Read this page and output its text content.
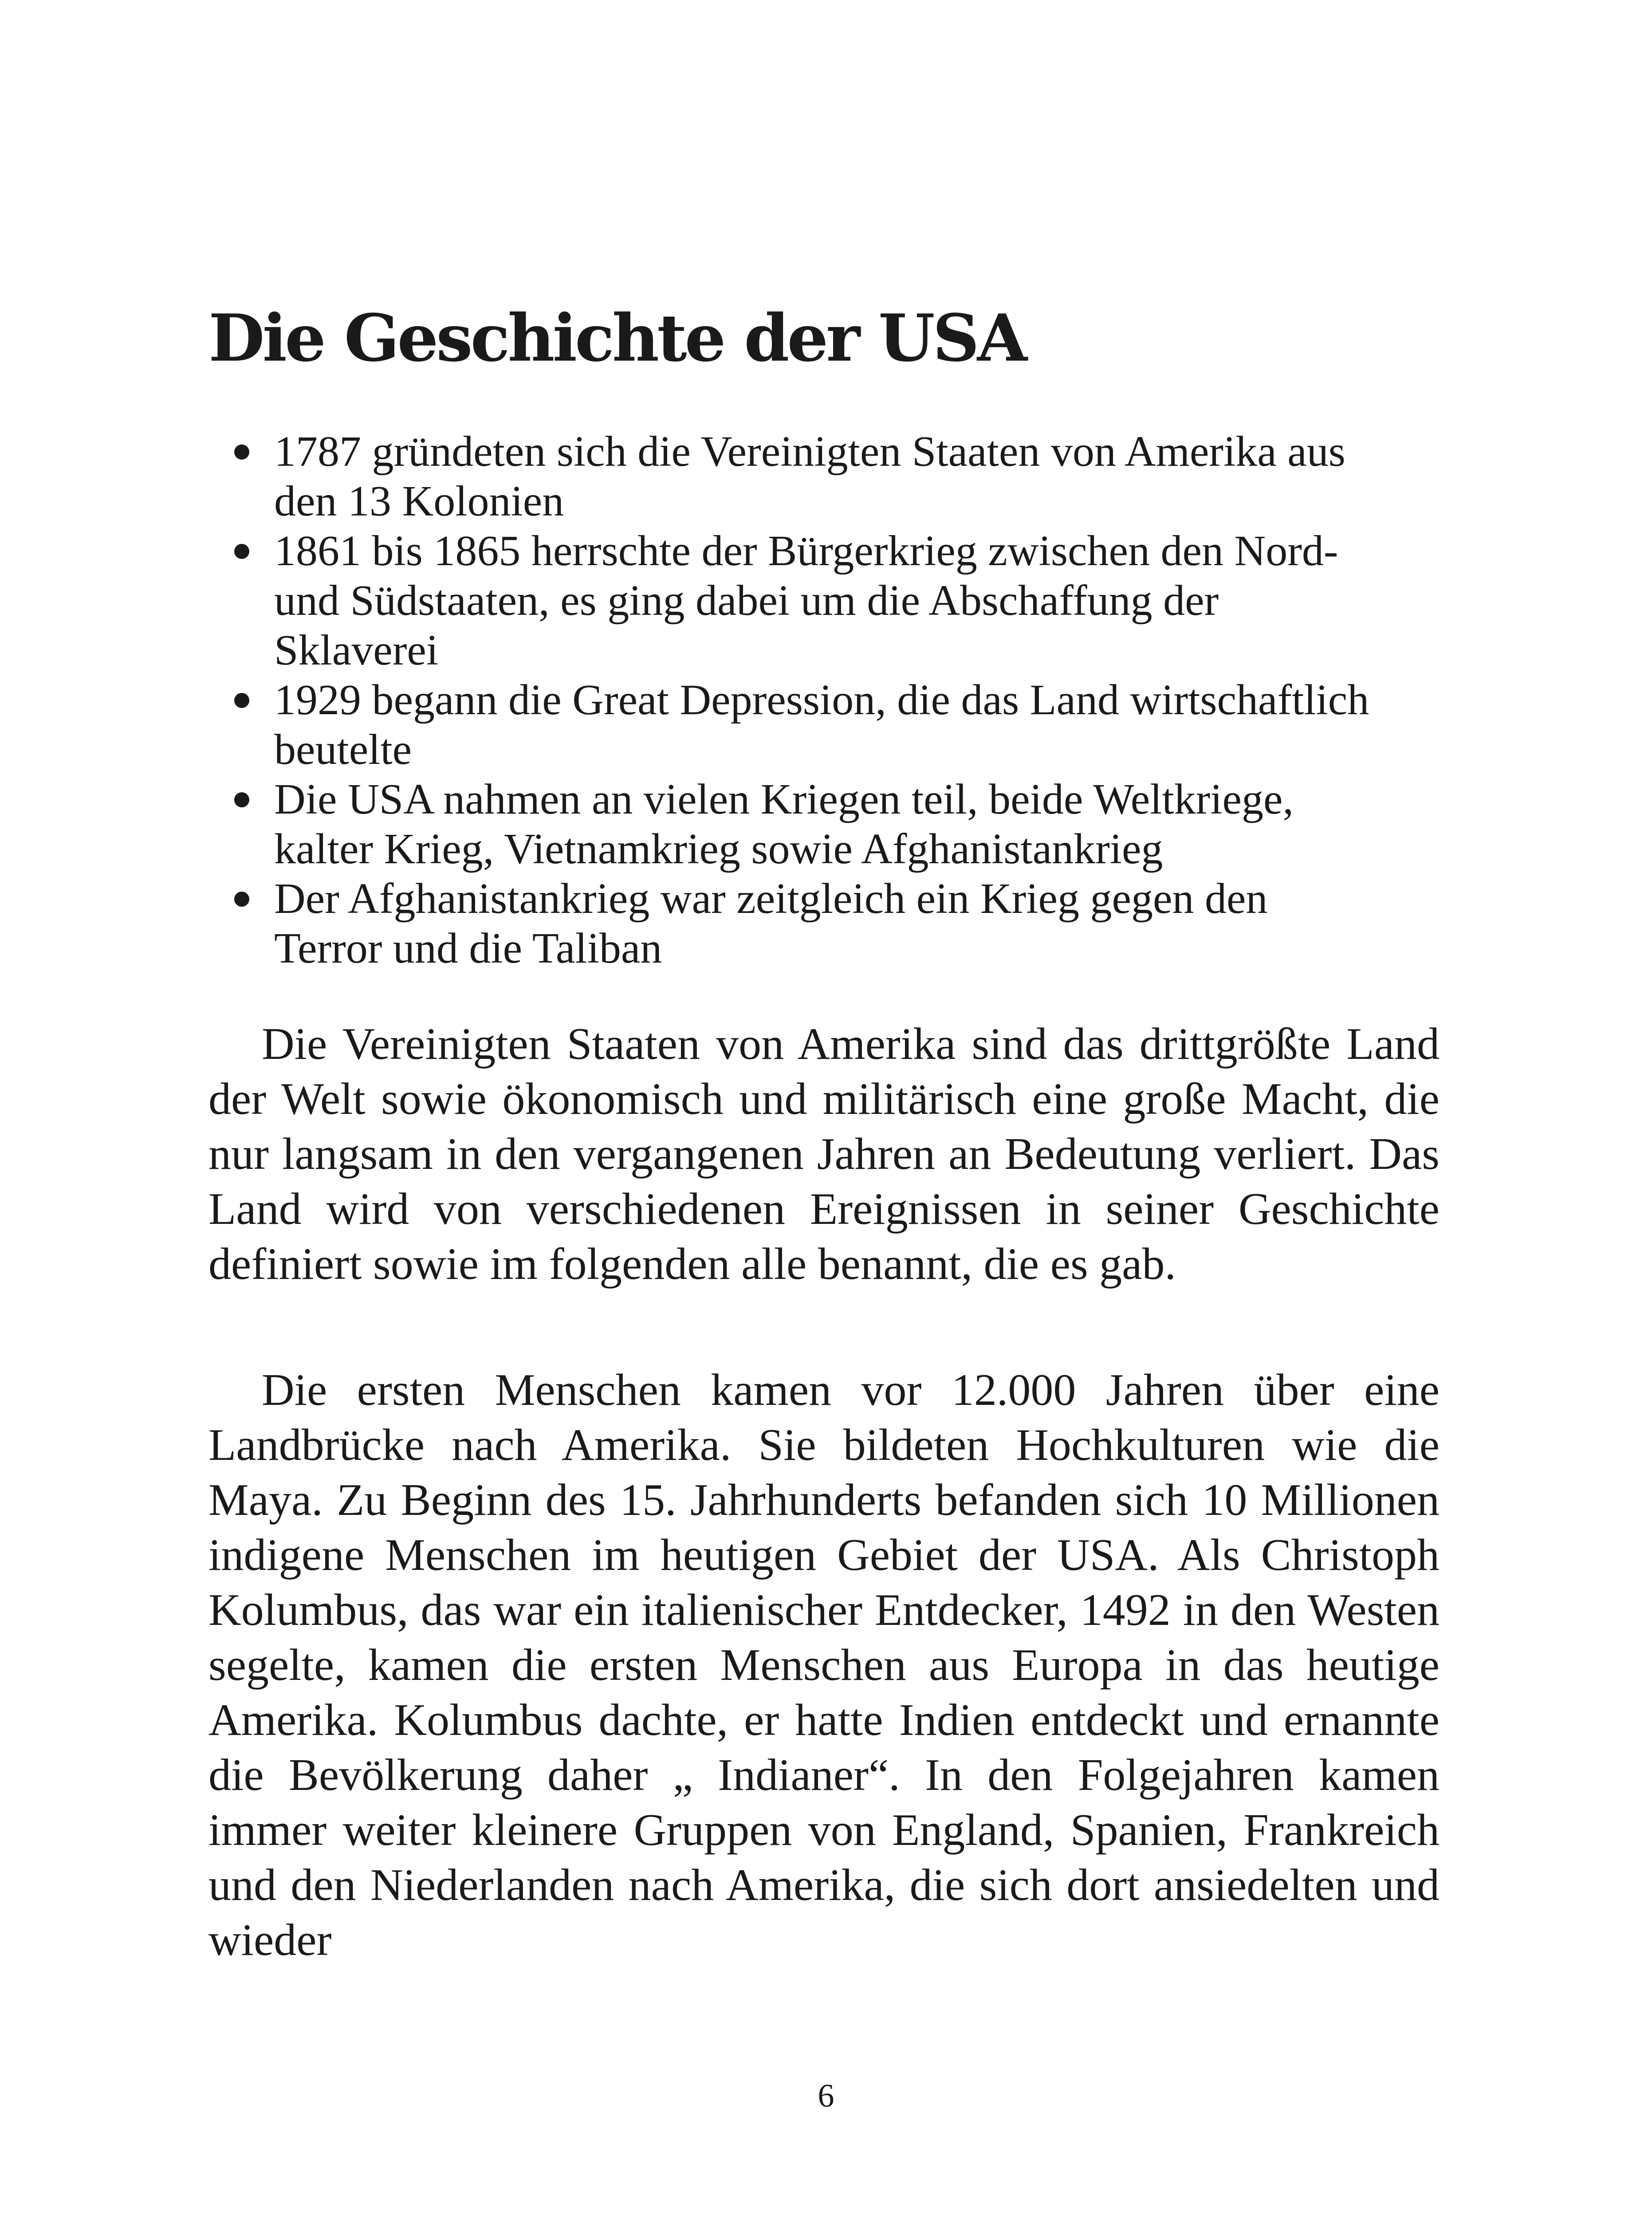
Die Geschichte der USA
1787 gründeten sich die Vereinigten Staaten von Amerika aus
den 13 Kolonien
1861 bis 1865 herrschte der Bürgerkrieg zwischen den Nord-
und Südstaaten, es ging dabei um die Abschaffung der
Sklaverei
1929 begann die Great Depression, die das Land wirtschaftlich
beutelte
Die USA nahmen an vielen Kriegen teil, beide Weltkriege,
kalter Krieg, Vietnamkrieg sowie Afghanistankrieg
Der Afghanistankrieg war zeitgleich ein Krieg gegen den
Terror und die Taliban

Die Vereinigten Staaten von Amerika sind das drittgrößte Land der Welt sowie ökonomisch und militärisch eine große Macht, die nur langsam in den vergangenen Jahren an Bedeutung verliert. Das Land wird von verschiedenen Ereignissen in seiner Geschichte definiert sowie im folgenden alle benannt, die es gab.

Die ersten Menschen kamen vor 12.000 Jahren über eine Landbrücke nach Amerika. Sie bildeten Hochkulturen wie die Maya. Zu Beginn des 15. Jahrhunderts befanden sich 10 Millionen indigene Menschen im heutigen Gebiet der USA. Als Christoph Kolumbus, das war ein italienischer Entdecker, 1492 in den Westen segelte, kamen die ersten Menschen aus Europa in das heutige Amerika. Kolumbus dachte, er hatte Indien entdeckt und ernannte die Bevölkerung daher „ Indianer“. In den Folgejahren kamen immer weiter kleinere Gruppen von England, Spanien, Frankreich und den Niederlanden nach Amerika, die sich dort ansiedelten und wieder

6
